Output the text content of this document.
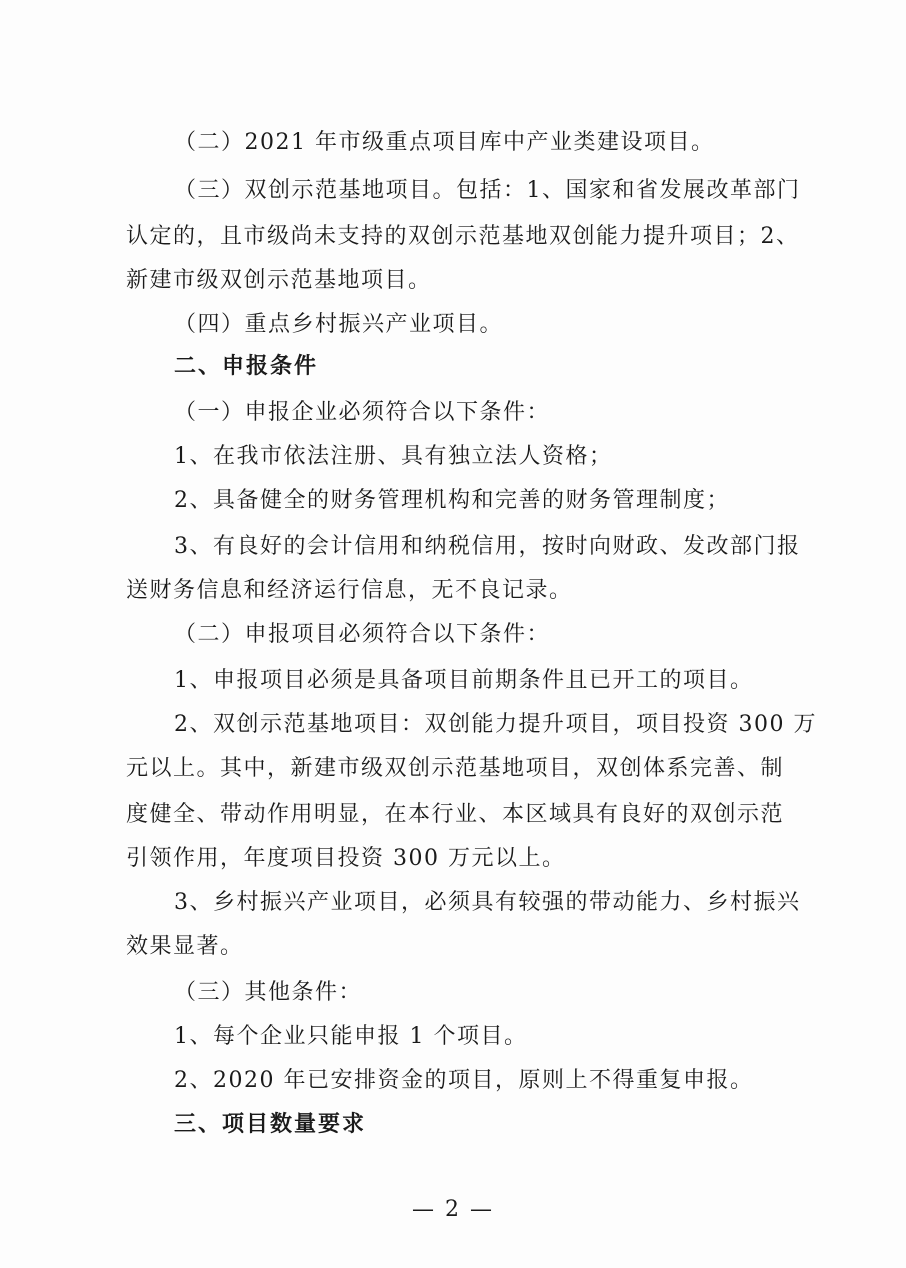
（二）2021 年市级重点项目库中产业类建设项目。
（三）双创示范基地项目。包括：1、国家和省发展改革部门
认定的，且市级尚未支持的双创示范基地双创能力提升项目；2、
新建市级双创示范基地项目。
（四）重点乡村振兴产业项目。
二、申报条件
（一）申报企业必须符合以下条件：
1、在我市依法注册、具有独立法人资格；
2、具备健全的财务管理机构和完善的财务管理制度；
3、有良好的会计信用和纳税信用，按时向财政、发改部门报
送财务信息和经济运行信息，无不良记录。
（二）申报项目必须符合以下条件：
1、申报项目必须是具备项目前期条件且已开工的项目。
2、双创示范基地项目：双创能力提升项目，项目投资 300 万
元以上。其中，新建市级双创示范基地项目，双创体系完善、制
度健全、带动作用明显，在本行业、本区域具有良好的双创示范
引领作用，年度项目投资 300 万元以上。
3、乡村振兴产业项目，必须具有较强的带动能力、乡村振兴
效果显著。
（三）其他条件：
1、每个企业只能申报 1 个项目。
2、2020 年已安排资金的项目，原则上不得重复申报。
三、项目数量要求
— 2 —
